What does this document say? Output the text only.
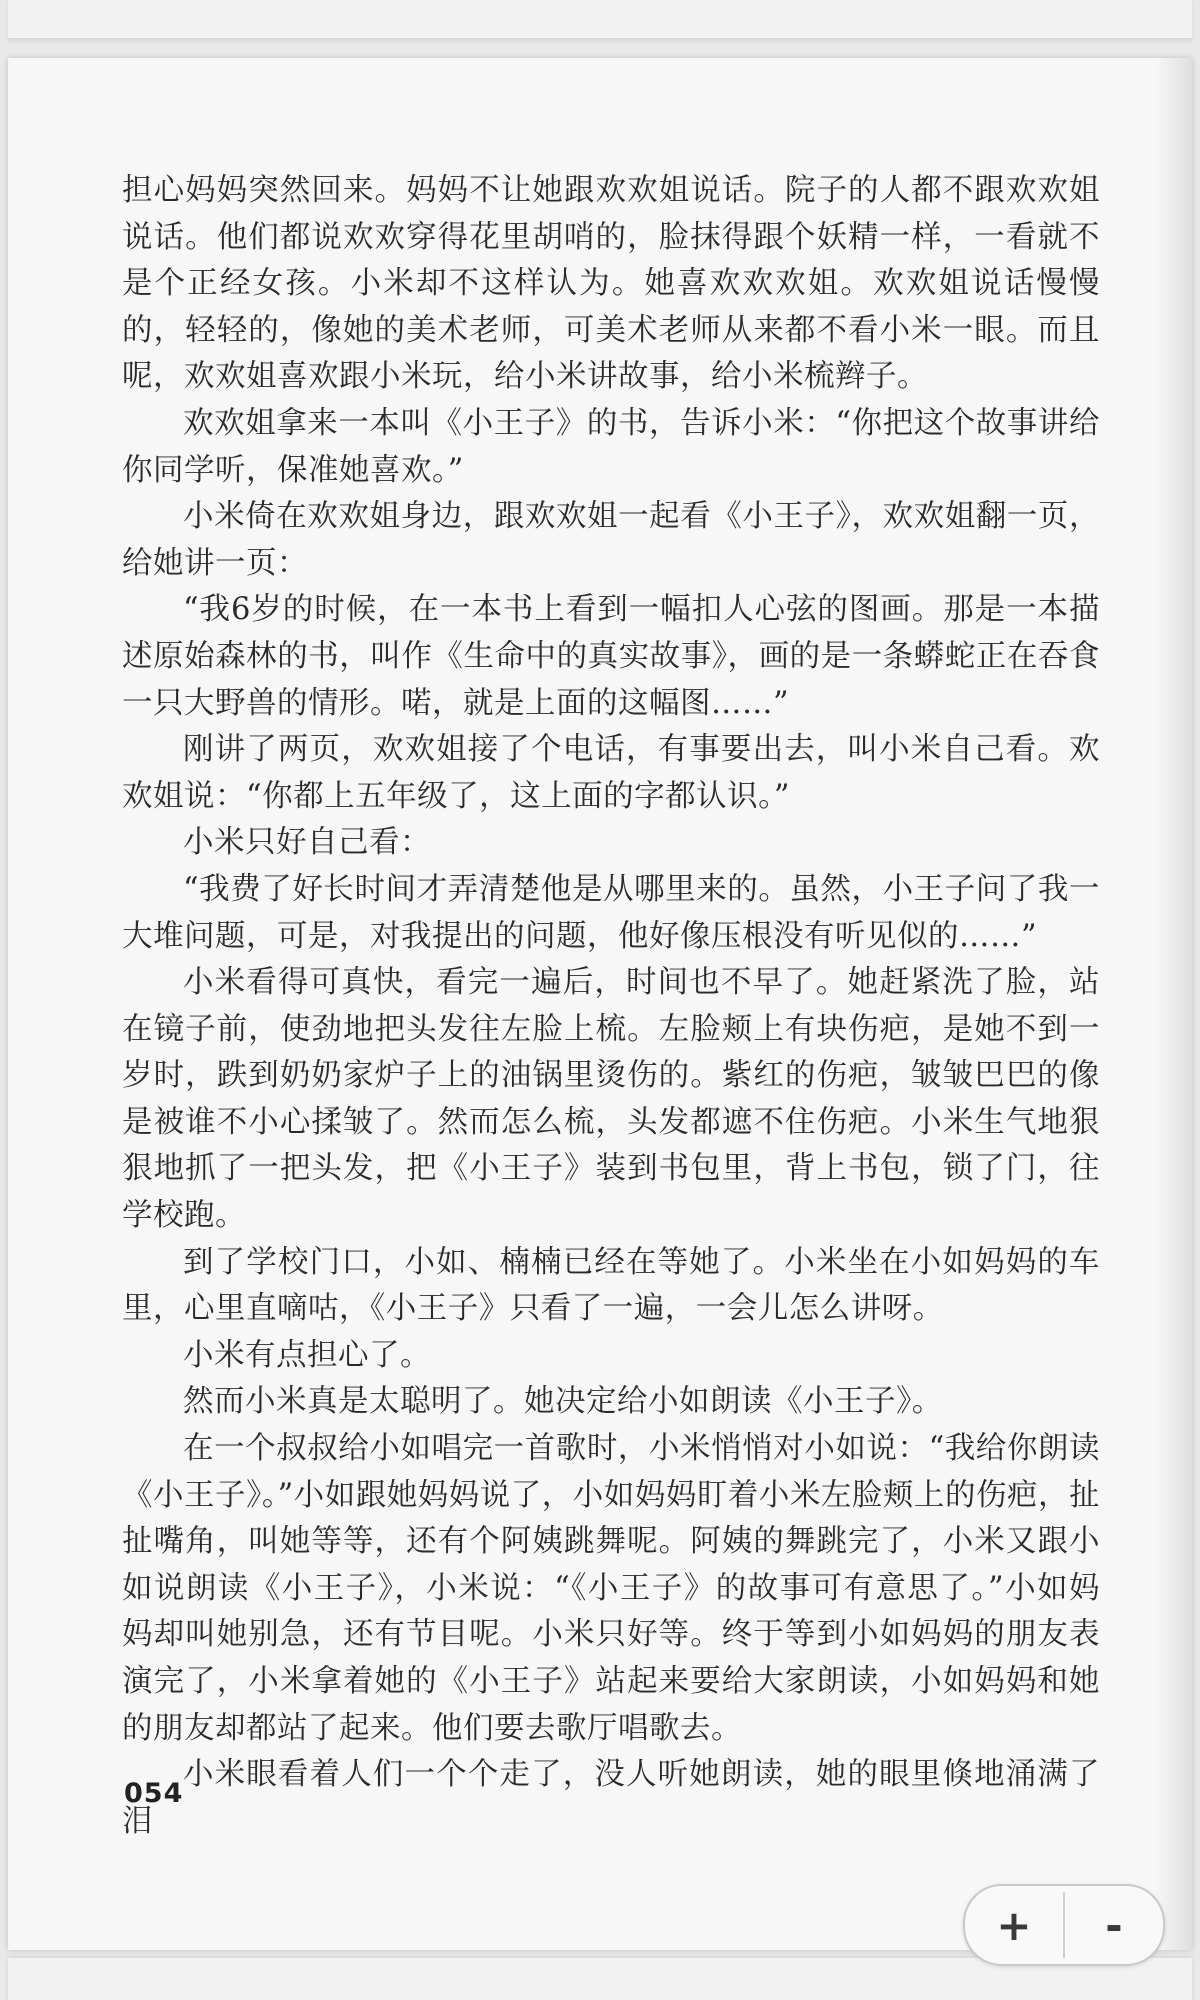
担心妈妈突然回来。妈妈不让她跟欢欢姐说话。院子的人都不跟欢欢姐说话。他们都说欢欢穿得花里胡哨的，脸抹得跟个妖精一样，一看就不是个正经女孩。小米却不这样认为。她喜欢欢欢姐。欢欢姐说话慢慢的，轻轻的，像她的美术老师，可美术老师从来都不看小米一眼。而且呢，欢欢姐喜欢跟小米玩，给小米讲故事，给小米梳辫子。

欢欢姐拿来一本叫《小王子》的书，告诉小米：“你把这个故事讲给你同学听，保准她喜欢。”

小米倚在欢欢姐身边，跟欢欢姐一起看《小王子》，欢欢姐翻一页，给她讲一页：

“我6岁的时候，在一本书上看到一幅扣人心弦的图画。那是一本描述原始森林的书，叫作《生命中的真实故事》，画的是一条蟒蛇正在吞食一只大野兽的情形。喏，就是上面的这幅图……”

刚讲了两页，欢欢姐接了个电话，有事要出去，叫小米自己看。欢欢姐说：“你都上五年级了，这上面的字都认识。”

小米只好自己看：

“我费了好长时间才弄清楚他是从哪里来的。虽然，小王子问了我一大堆问题，可是，对我提出的问题，他好像压根没有听见似的……”

小米看得可真快，看完一遍后，时间也不早了。她赶紧洗了脸，站在镜子前，使劲地把头发往左脸上梳。左脸颊上有块伤疤，是她不到一岁时，跌到奶奶家炉子上的油锅里烫伤的。紫红的伤疤，皱皱巴巴的像是被谁不小心揉皱了。然而怎么梳，头发都遮不住伤疤。小米生气地狠狠地抓了一把头发，把《小王子》装到书包里，背上书包，锁了门，往学校跑。

到了学校门口，小如、楠楠已经在等她了。小米坐在小如妈妈的车里，心里直嘀咕，《小王子》只看了一遍，一会儿怎么讲呀。

小米有点担心了。

然而小米真是太聪明了。她决定给小如朗读《小王子》。

在一个叔叔给小如唱完一首歌时，小米悄悄对小如说：“我给你朗读《小王子》。”小如跟她妈妈说了，小如妈妈盯着小米左脸颊上的伤疤，扯扯嘴角，叫她等等，还有个阿姨跳舞呢。阿姨的舞跳完了，小米又跟小如说朗读《小王子》，小米说：“《小王子》的故事可有意思了。”小如妈妈却叫她别急，还有节目呢。小米只好等。终于等到小如妈妈的朋友表演完了，小米拿着她的《小王子》站起来要给大家朗读，小如妈妈和她的朋友却都站了起来。他们要去歌厅唱歌去。

小米眼看着人们一个个走了，没人听她朗读，她的眼里倏地涌满了泪

054
+	-
